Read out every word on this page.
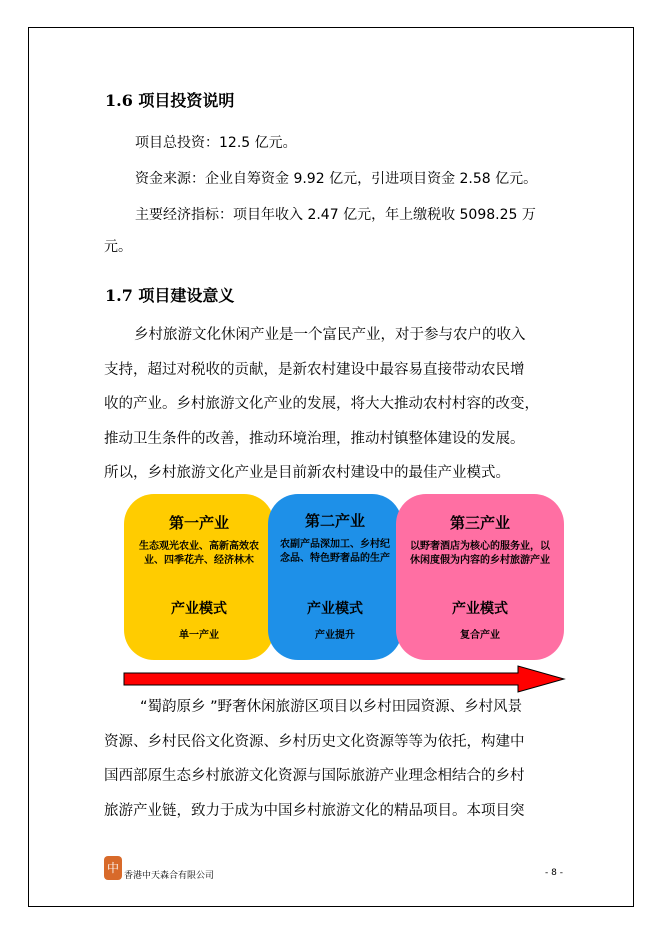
1.6 项目投资说明
项目总投资：12.5 亿元。
资金来源：企业自筹资金 9.92 亿元，引进项目资金 2.58 亿元。
主要经济指标：项目年收入 2.47 亿元，年上缴税收 5098.25 万
元。
1.7 项目建设意义

乡村旅游文化休闲产业是一个富民产业，对于参与农户的收入

支持，超过对税收的贡献，是新农村建设中最容易直接带动农民增

收的产业。乡村旅游文化产业的发展，将大大推动农村村容的改变，

推动卫生条件的改善，推动环境治理，推动村镇整体建设的发展。

所以，乡村旅游文化产业是目前新农村建设中的最佳产业模式。

第一产业
生态观光农业、高新高效农业、四季花卉、经济林木
产业模式
单一产业
第二产业
农副产品深加工、乡村纪念品、特色野奢品的生产
产业模式
产业提升
第三产业
以野奢酒店为核心的服务业，以休闲度假为内容的乡村旅游产业
产业模式
复合产业

“蜀韵原乡 ”野奢休闲旅游区项目以乡村田园资源、乡村风景

资源、乡村民俗文化资源、乡村历史文化资源等等为依托，构建中

国西部原生态乡村旅游文化资源与国际旅游产业理念相结合的乡村

旅游产业链，致力于成为中国乡村旅游文化的精品项目。本项目突

中
香港中天森合有限公司	- 8 -
